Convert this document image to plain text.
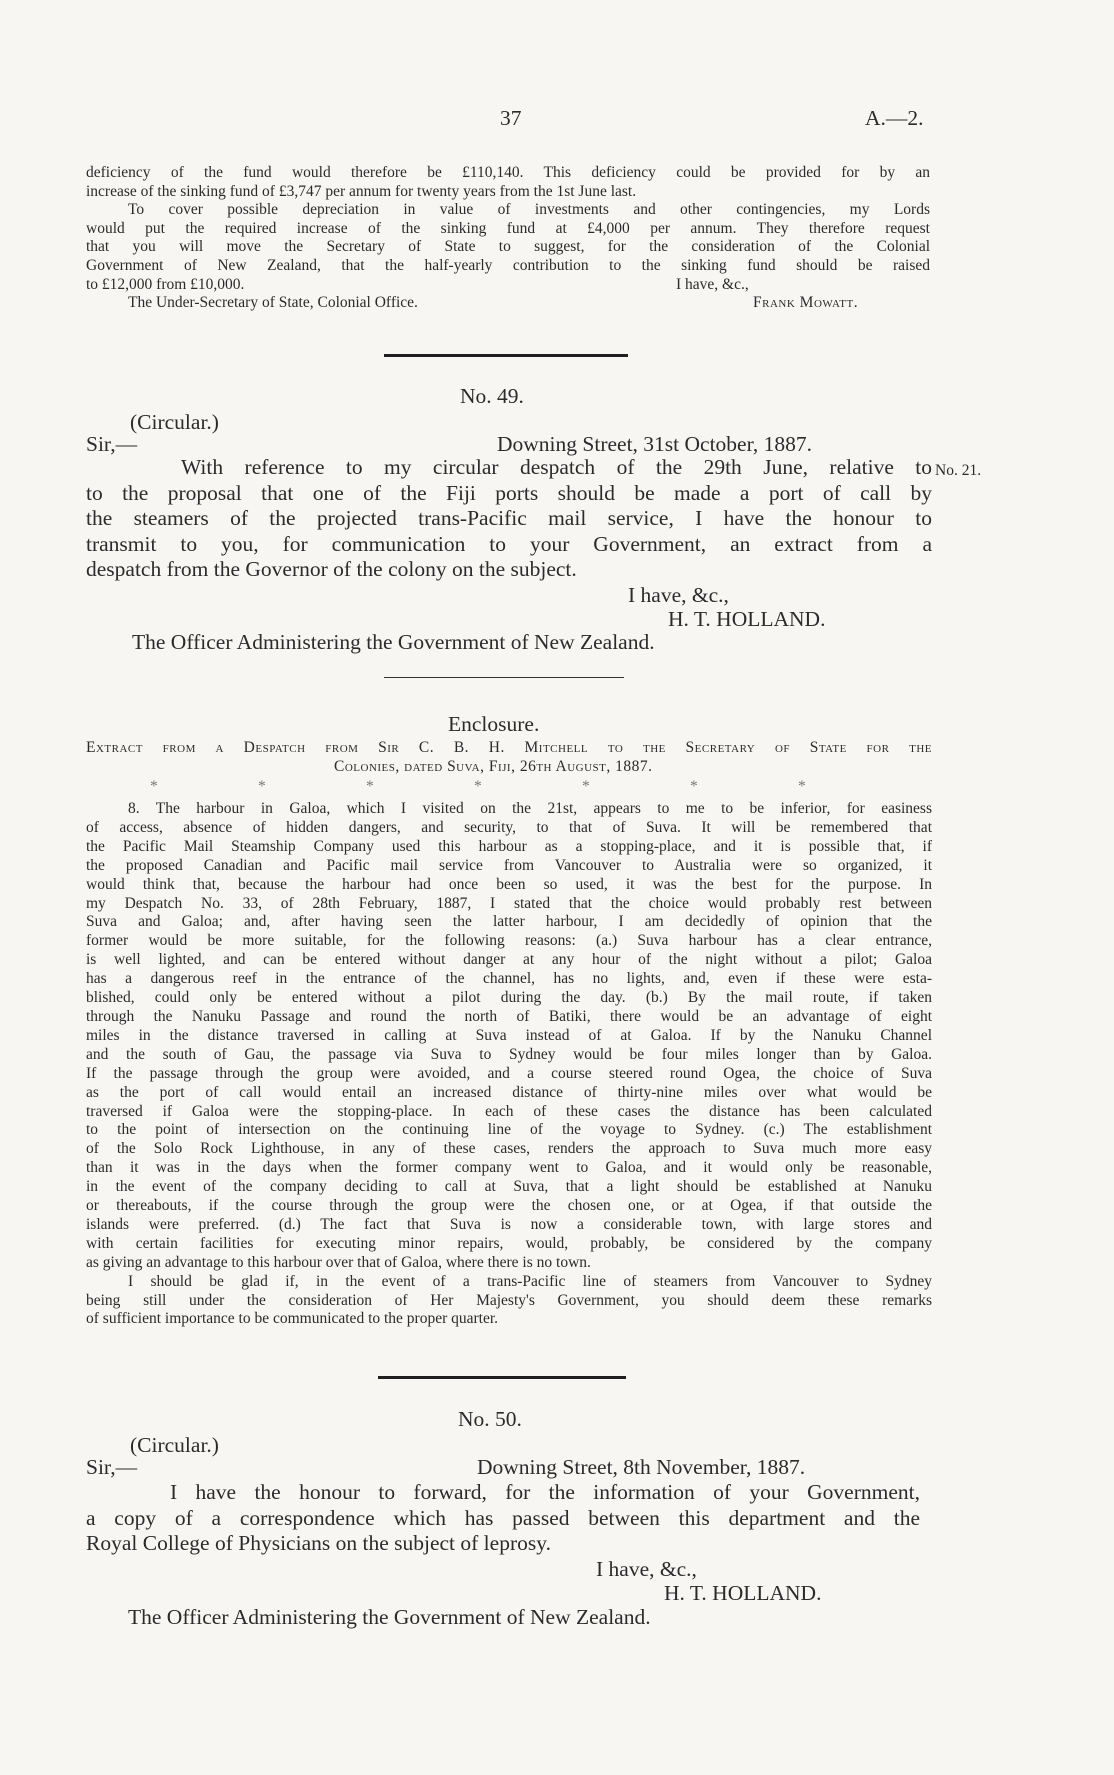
37	A.—2.

deficiency of the fund would therefore be £110,140. This deficiency could be provided for by an

increase of the sinking fund of £3,747 per annum for twenty years from the 1st June last.

To cover possible depreciation in value of investments and other contingencies, my Lords

would put the required increase of the sinking fund at £4,000 per annum. They therefore request

that you will move the Secretary of State to suggest, for the consideration of the Colonial

Government of New Zealand, that the half-yearly contribution to the sinking fund should be raised

to £12,000 from £10,000.	I have, &c.,
The Under-Secretary of State, Colonial Office.	Frank Mowatt.
No. 49.
(Circular.)
Sir,—	Downing Street, 31st October, 1887.
No. 21.

With reference to my circular despatch of the 29th June, relative to

to the proposal that one of the Fiji ports should be made a port of call by

the steamers of the projected trans-Pacific mail service, I have the honour to

transmit to you, for communication to your Government, an extract from a

despatch from the Governor of the colony on the subject.

I have, &c.,
H. T. HOLLAND.
The Officer Administering the Government of New Zealand.
Enclosure.

Extract from a Despatch from Sir C. B. H. Mitchell to the Secretary of State for the

Colonies, dated Suva, Fiji, 26th August, 1887.

*	*	*	*	*	*	*

8. The harbour in Galoa, which I visited on the 21st, appears to me to be inferior, for easiness

of access, absence of hidden dangers, and security, to that of Suva. It will be remembered that

the Pacific Mail Steamship Company used this harbour as a stopping-place, and it is possible that, if

the proposed Canadian and Pacific mail service from Vancouver to Australia were so organized, it

would think that, because the harbour had once been so used, it was the best for the purpose. In

my Despatch No. 33, of 28th February, 1887, I stated that the choice would probably rest between

Suva and Galoa; and, after having seen the latter harbour, I am decidedly of opinion that the

former would be more suitable, for the following reasons: (a.) Suva harbour has a clear entrance,

is well lighted, and can be entered without danger at any hour of the night without a pilot; Galoa

has a dangerous reef in the entrance of the channel, has no lights, and, even if these were esta-

blished, could only be entered without a pilot during the day. (b.) By the mail route, if taken

through the Nanuku Passage and round the north of Batiki, there would be an advantage of eight

miles in the distance traversed in calling at Suva instead of at Galoa. If by the Nanuku Channel

and the south of Gau, the passage via Suva to Sydney would be four miles longer than by Galoa.

If the passage through the group were avoided, and a course steered round Ogea, the choice of Suva

as the port of call would entail an increased distance of thirty-nine miles over what would be

traversed if Galoa were the stopping-place. In each of these cases the distance has been calculated

to the point of intersection on the continuing line of the voyage to Sydney. (c.) The establishment

of the Solo Rock Lighthouse, in any of these cases, renders the approach to Suva much more easy

than it was in the days when the former company went to Galoa, and it would only be reasonable,

in the event of the company deciding to call at Suva, that a light should be established at Nanuku

or thereabouts, if the course through the group were the chosen one, or at Ogea, if that outside the

islands were preferred. (d.) The fact that Suva is now a considerable town, with large stores and

with certain facilities for executing minor repairs, would, probably, be considered by the company

as giving an advantage to this harbour over that of Galoa, where there is no town.

I should be glad if, in the event of a trans-Pacific line of steamers from Vancouver to Sydney

being still under the consideration of Her Majesty's Government, you should deem these remarks

of sufficient importance to be communicated to the proper quarter.

No. 50.
(Circular.)
Sir,—	Downing Street, 8th November, 1887.

I have the honour to forward, for the information of your Government,

a copy of a correspondence which has passed between this department and the

Royal College of Physicians on the subject of leprosy.

I have, &c.,
H. T. HOLLAND.
The Officer Administering the Government of New Zealand.
